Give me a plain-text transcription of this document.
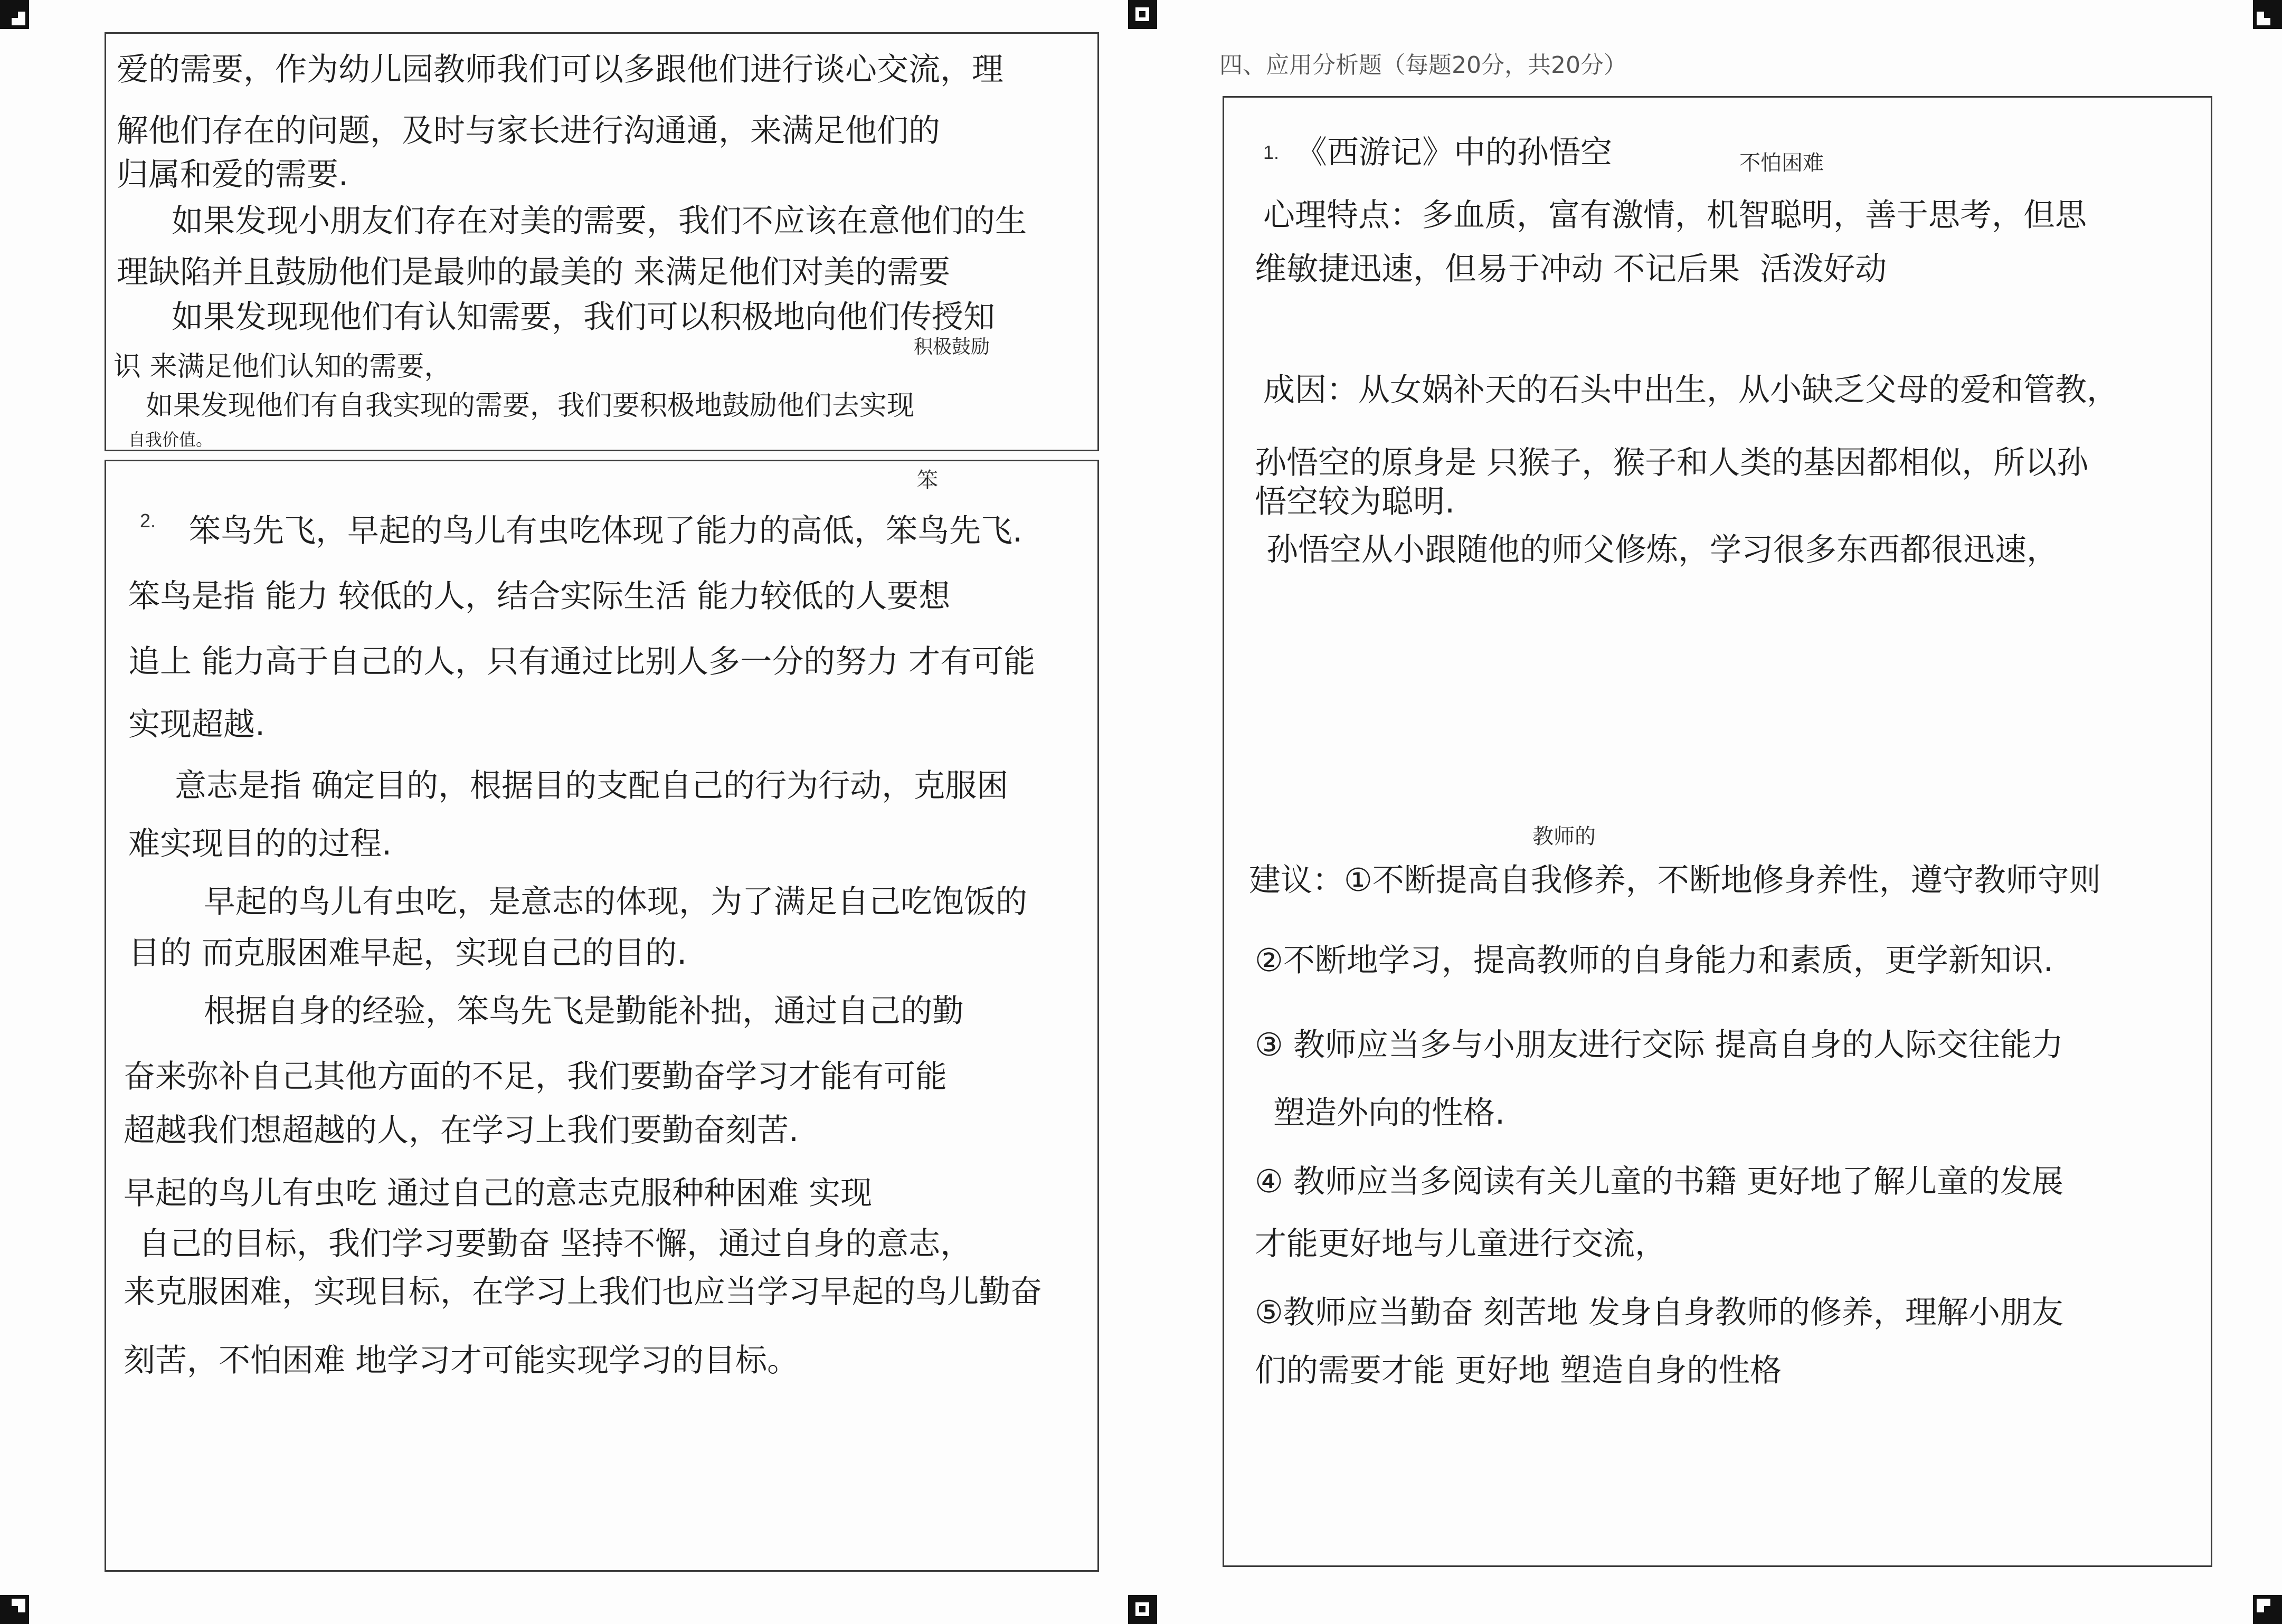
爱的需要，作为幼儿园教师我们可以多跟他们进行谈心交流，理
解他们存在的问题，及时与家长进行沟通通，来满足他们的
归属和爱的需要.
如果发现小朋友们存在对美的需要，我们不应该在意他们的生
理缺陷并且鼓励他们是最帅的最美的 来满足他们对美的需要
如果发现现他们有认知需要，我们可以积极地向他们传授知
识 来满足他们认知的需要，
如果发现他们有自我实现的需要，我们要积极地鼓励他们去实现
自我价值。
积极鼓励
2.
笨
笨鸟先飞，早起的鸟儿有虫吃体现了能力的高低，笨鸟先飞.
笨鸟是指 能力 较低的人，结合实际生活 能力较低的人要想
追上 能力高于自己的人，只有通过比别人多一分的努力 才有可能
实现超越.
意志是指 确定目的，根据目的支配自己的行为行动，克服困
难实现目的的过程.
早起的鸟儿有虫吃，是意志的体现，为了满足自己吃饱饭的
目的 而克服困难早起，实现自己的目的.
根据自身的经验，笨鸟先飞是勤能补拙，通过自己的勤
奋来弥补自己其他方面的不足，我们要勤奋学习才能有可能
超越我们想超越的人，在学习上我们要勤奋刻苦.
早起的鸟儿有虫吃 通过自己的意志克服种种困难 实现
自己的目标，我们学习要勤奋 坚持不懈，通过自身的意志，
来克服困难，实现目标，在学习上我们也应当学习早起的鸟儿勤奋
刻苦，不怕困难 地学习才可能实现学习的目标。
四、应用分析题（每题20分，共20分）
1.	不怕困难
教师的
《西游记》中的孙悟空
心理特点：多血质，富有激情，机智聪明，善于思考，但思
维敏捷迅速，但易于冲动 不记后果  活泼好动
成因：从女娲补天的石头中出生，从小缺乏父母的爱和管教，
孙悟空的原身是 只猴子，猴子和人类的基因都相似，所以孙
悟空较为聪明.
孙悟空从小跟随他的师父修炼，学习很多东西都很迅速，
建议：①不断提高自我修养，不断地修身养性，遵守教师守则
②不断地学习，提高教师的自身能力和素质，更学新知识.
③ 教师应当多与小朋友进行交际 提高自身的人际交往能力
塑造外向的性格.
④ 教师应当多阅读有关儿童的书籍 更好地了解儿童的发展
才能更好地与儿童进行交流，
⑤教师应当勤奋 刻苦地 发身自身教师的修养，理解小朋友
们的需要才能 更好地 塑造自身的性格
